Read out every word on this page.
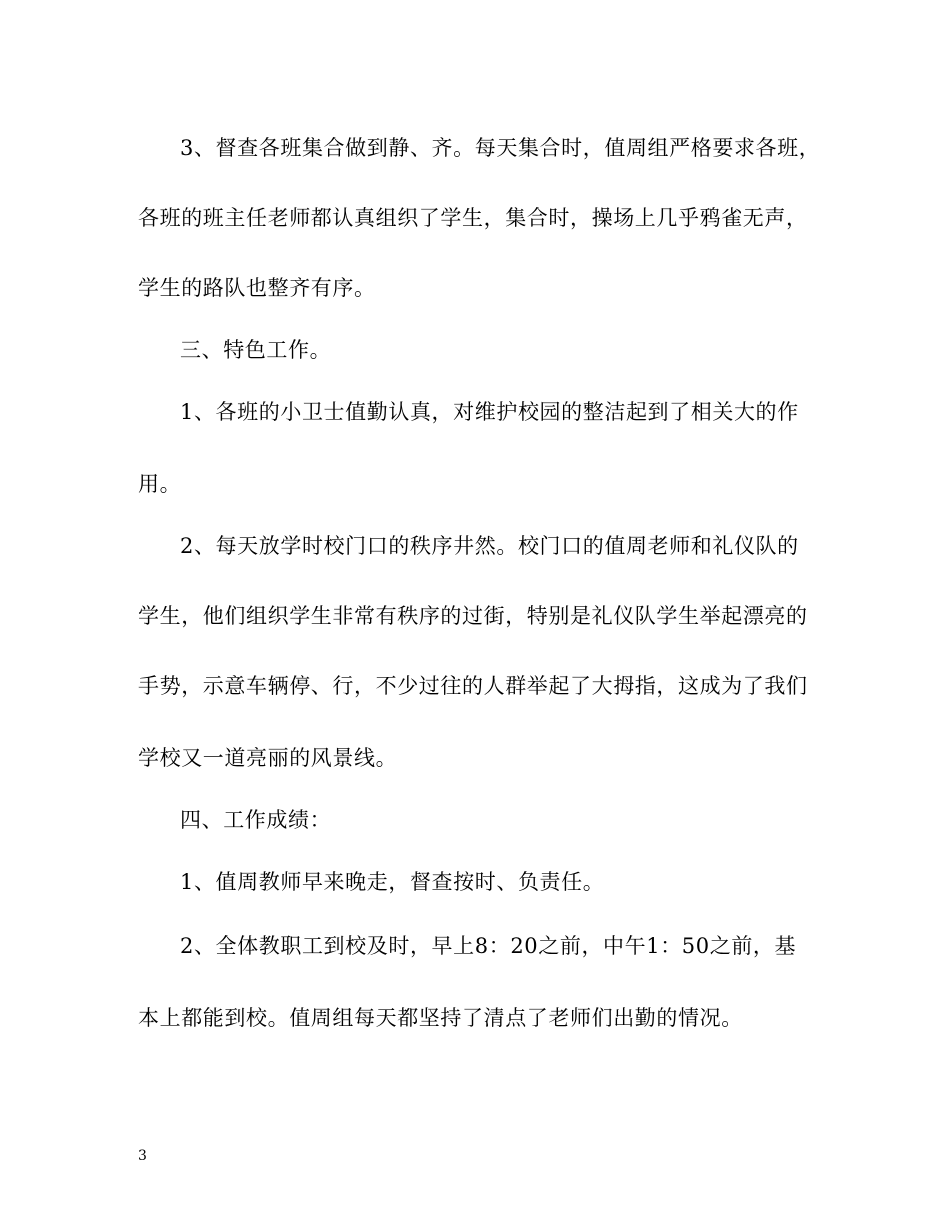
3、督查各班集合做到静、齐。每天集合时，值周组严格要求各班，
各班的班主任老师都认真组织了学生，集合时，操场上几乎鸦雀无声，
学生的路队也整齐有序。
三、特色工作。
1、各班的小卫士值勤认真，对维护校园的整洁起到了相关大的作
用。
2、每天放学时校门口的秩序井然。校门口的值周老师和礼仪队的
学生，他们组织学生非常有秩序的过街，特别是礼仪队学生举起漂亮的
手势，示意车辆停、行，不少过往的人群举起了大拇指，这成为了我们
学校又一道亮丽的风景线。
四、工作成绩：
1、值周教师早来晚走，督查按时、负责任。
2、全体教职工到校及时，早上8：20之前，中午1：50之前，基
本上都能到校。值周组每天都坚持了清点了老师们出勤的情况。
3
